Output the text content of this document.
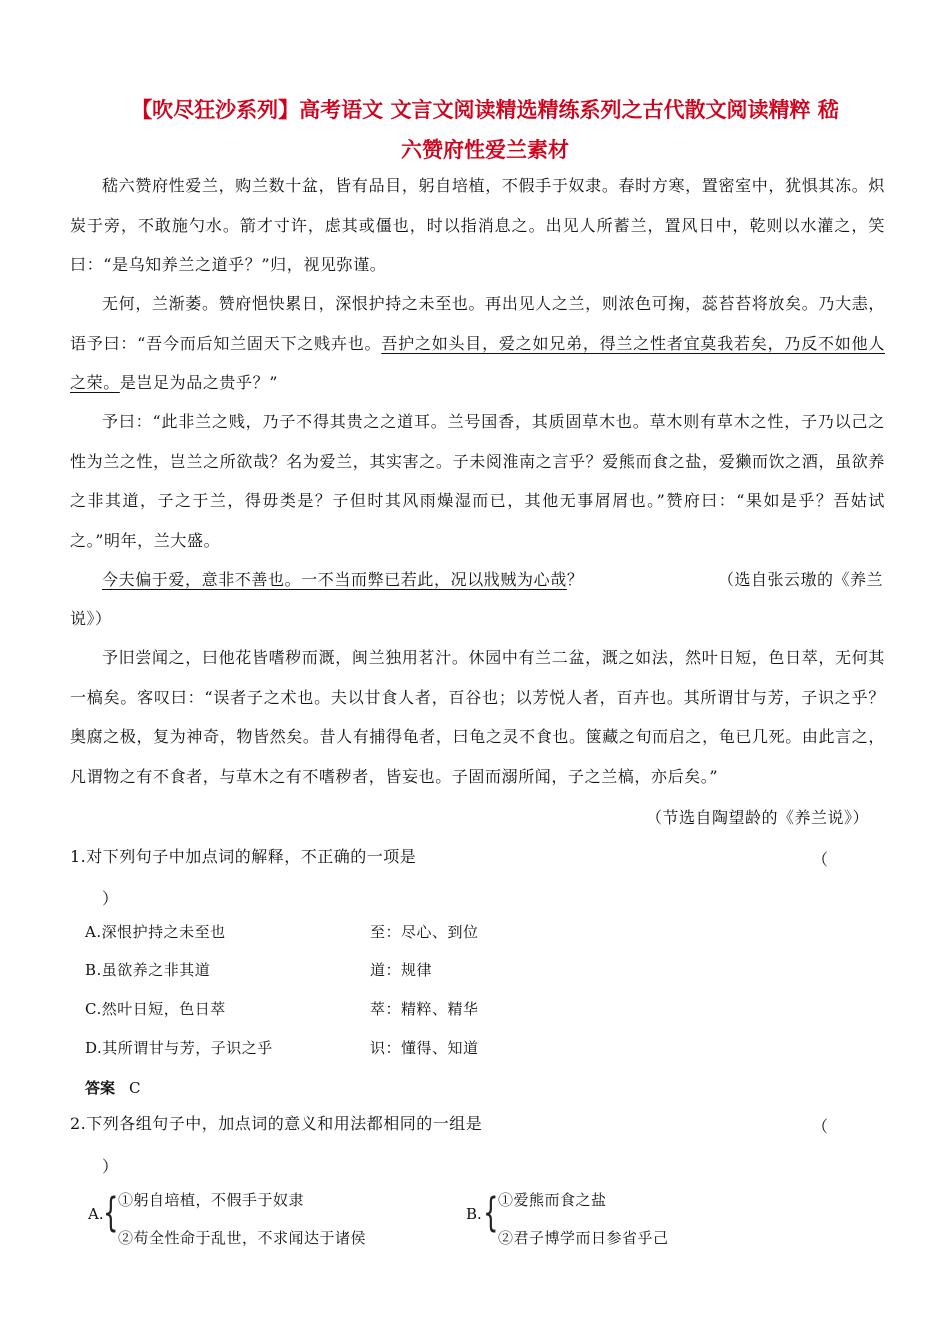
【吹尽狂沙系列】高考语文 文言文阅读精选精练系列之古代散文阅读精粹 嵇
六赞府性爱兰素材
嵇六赞府性爱兰，购兰数十盆，皆有品目，躬自培植，不假手于奴隶。春时方寒，置密室中，犹惧其冻。炽炭于旁，不敢施勺水。箭才寸许，虑其或僵也，时以指消息之。出见人所蓄兰，置风日中，乾则以水灌之，笑曰：“是乌知养兰之道乎？”归，视见弥谨。
无何，兰渐萎。赞府悒快累日，深恨护持之未至也。再出见人之兰，则浓色可掬，蕊苔苔将放矣。乃大恚，语予曰：“吾今而后知兰固天下之贱卉也。吾护之如头目，爱之如兄弟，得兰之性者宜莫我若矣，乃反不如他人之荣。是岂足为品之贵乎？”
予曰：“此非兰之贱，乃子不得其贵之之道耳。兰号国香，其质固草木也。草木则有草木之性，子乃以己之性为兰之性，岂兰之所欲哉？名为爱兰，其实害之。子未阅淮南之言乎？爱熊而食之盐，爱獭而饮之酒，虽欲养之非其道，子之于兰，得毋类是？子但时其风雨燥湿而已，其他无事屑屑也。”赞府曰：“果如是乎？吾姑试之。”明年，兰大盛。
今夫偏于爱，意非不善也。一不当而弊已若此，况以戕贼为心哉？	（选自张云璈的《养兰
说》）
予旧尝闻之，曰他花皆嗜秽而溉，闽兰独用茗汁。休园中有兰二盆，溉之如法，然叶日短，色日萃，无何其一槁矣。客叹曰：“误者子之术也。夫以甘食人者，百谷也；以芳悦人者，百卉也。其所谓甘与芳，子识之乎？奥腐之极，复为神奇，物皆然矣。昔人有捕得龟者，曰龟之灵不食也。箧藏之旬而启之，龟已几死。由此言之，凡谓物之有不食者，与草木之有不嗜秽者，皆妄也。子固而溺所闻，子之兰槁，亦后矣。”
（节选自陶望龄的《养兰说》）
1.对下列句子中加点词的解释，不正确的一项是	（
）
A.深恨护持之未至也	至：尽心、到位
B.虽欲养之非其道	道：规律
C.然叶日短，色日萃	萃：精粹、精华
D.其所谓甘与芳，子识之乎	识：懂得、知道
答案 C
2.下列各组句子中，加点词的意义和用法都相同的一组是	（
）
A. { ①躬自培植，不假手于奴隶
②苟全性命于乱世，不求闻达于诸侯
B. { ①爱熊而食之盐
②君子博学而日参省乎己
